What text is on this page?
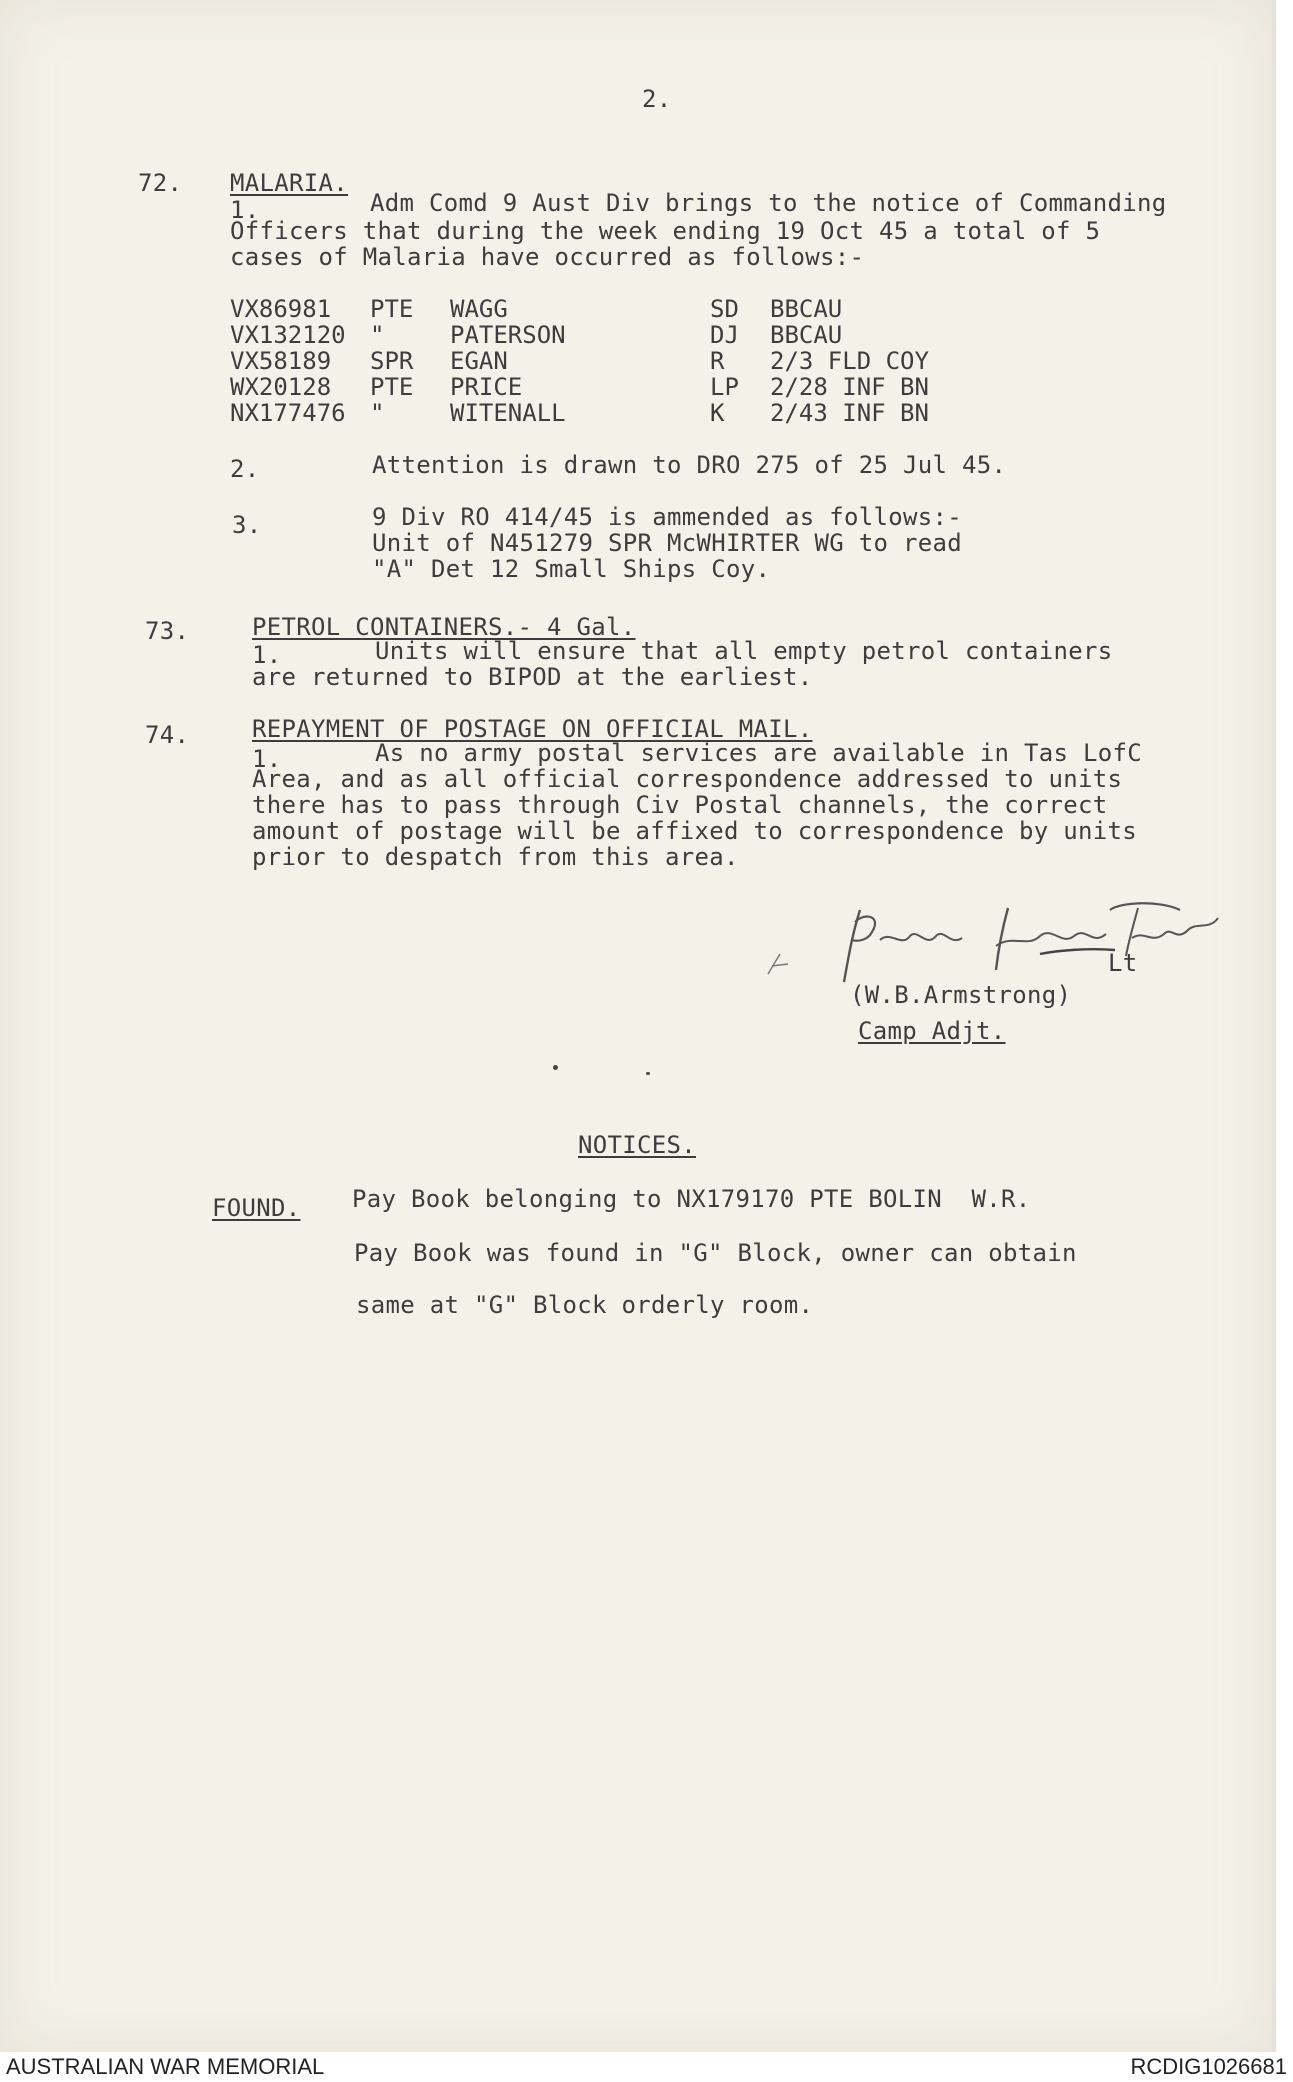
2.
72. MALARIA.
1.	Adm Comd 9 Aust Div brings to the notice of Commanding
Officers that during the week ending 19 Oct 45 a total of 5
cases of Malaria have occurred as follows:-
VX86981	PTE	WAGG	SD	BBCAU
VX132120	"	PATERSON	DJ	BBCAU
VX58189	SPR	EGAN	R	2/3 FLD COY
WX20128	PTE	PRICE	LP	2/28 INF BN
NX177476	"	WITENALL	K	2/43 INF BN
2.	Attention is drawn to DRO 275 of 25 Jul 45.
3.	9 Div RO 414/45 is ammended as follows:-
Unit of N451279 SPR McWHIRTER WG to read
"A" Det 12 Small Ships Coy.
73.	PETROL CONTAINERS.- 4 Gal.
1.	Units will ensure that all empty petrol containers
are returned to BIPOD at the earliest.
74.	REPAYMENT OF POSTAGE ON OFFICIAL MAIL.
1.	As no army postal services are available in Tas LofC
Area, and as all official correspondence addressed to units
there has to pass through Civ Postal channels, the correct
amount of postage will be affixed to correspondence by units
prior to despatch from this area.
Lt
(W.B.Armstrong)
Camp Adjt.
NOTICES.
FOUND. Pay Book belonging to NX179170 PTE BOLIN  W.R.
Pay Book was found in "G" Block, owner can obtain
same at "G" Block orderly room.
AUSTRALIAN WAR MEMORIAL	RCDIG1026681
